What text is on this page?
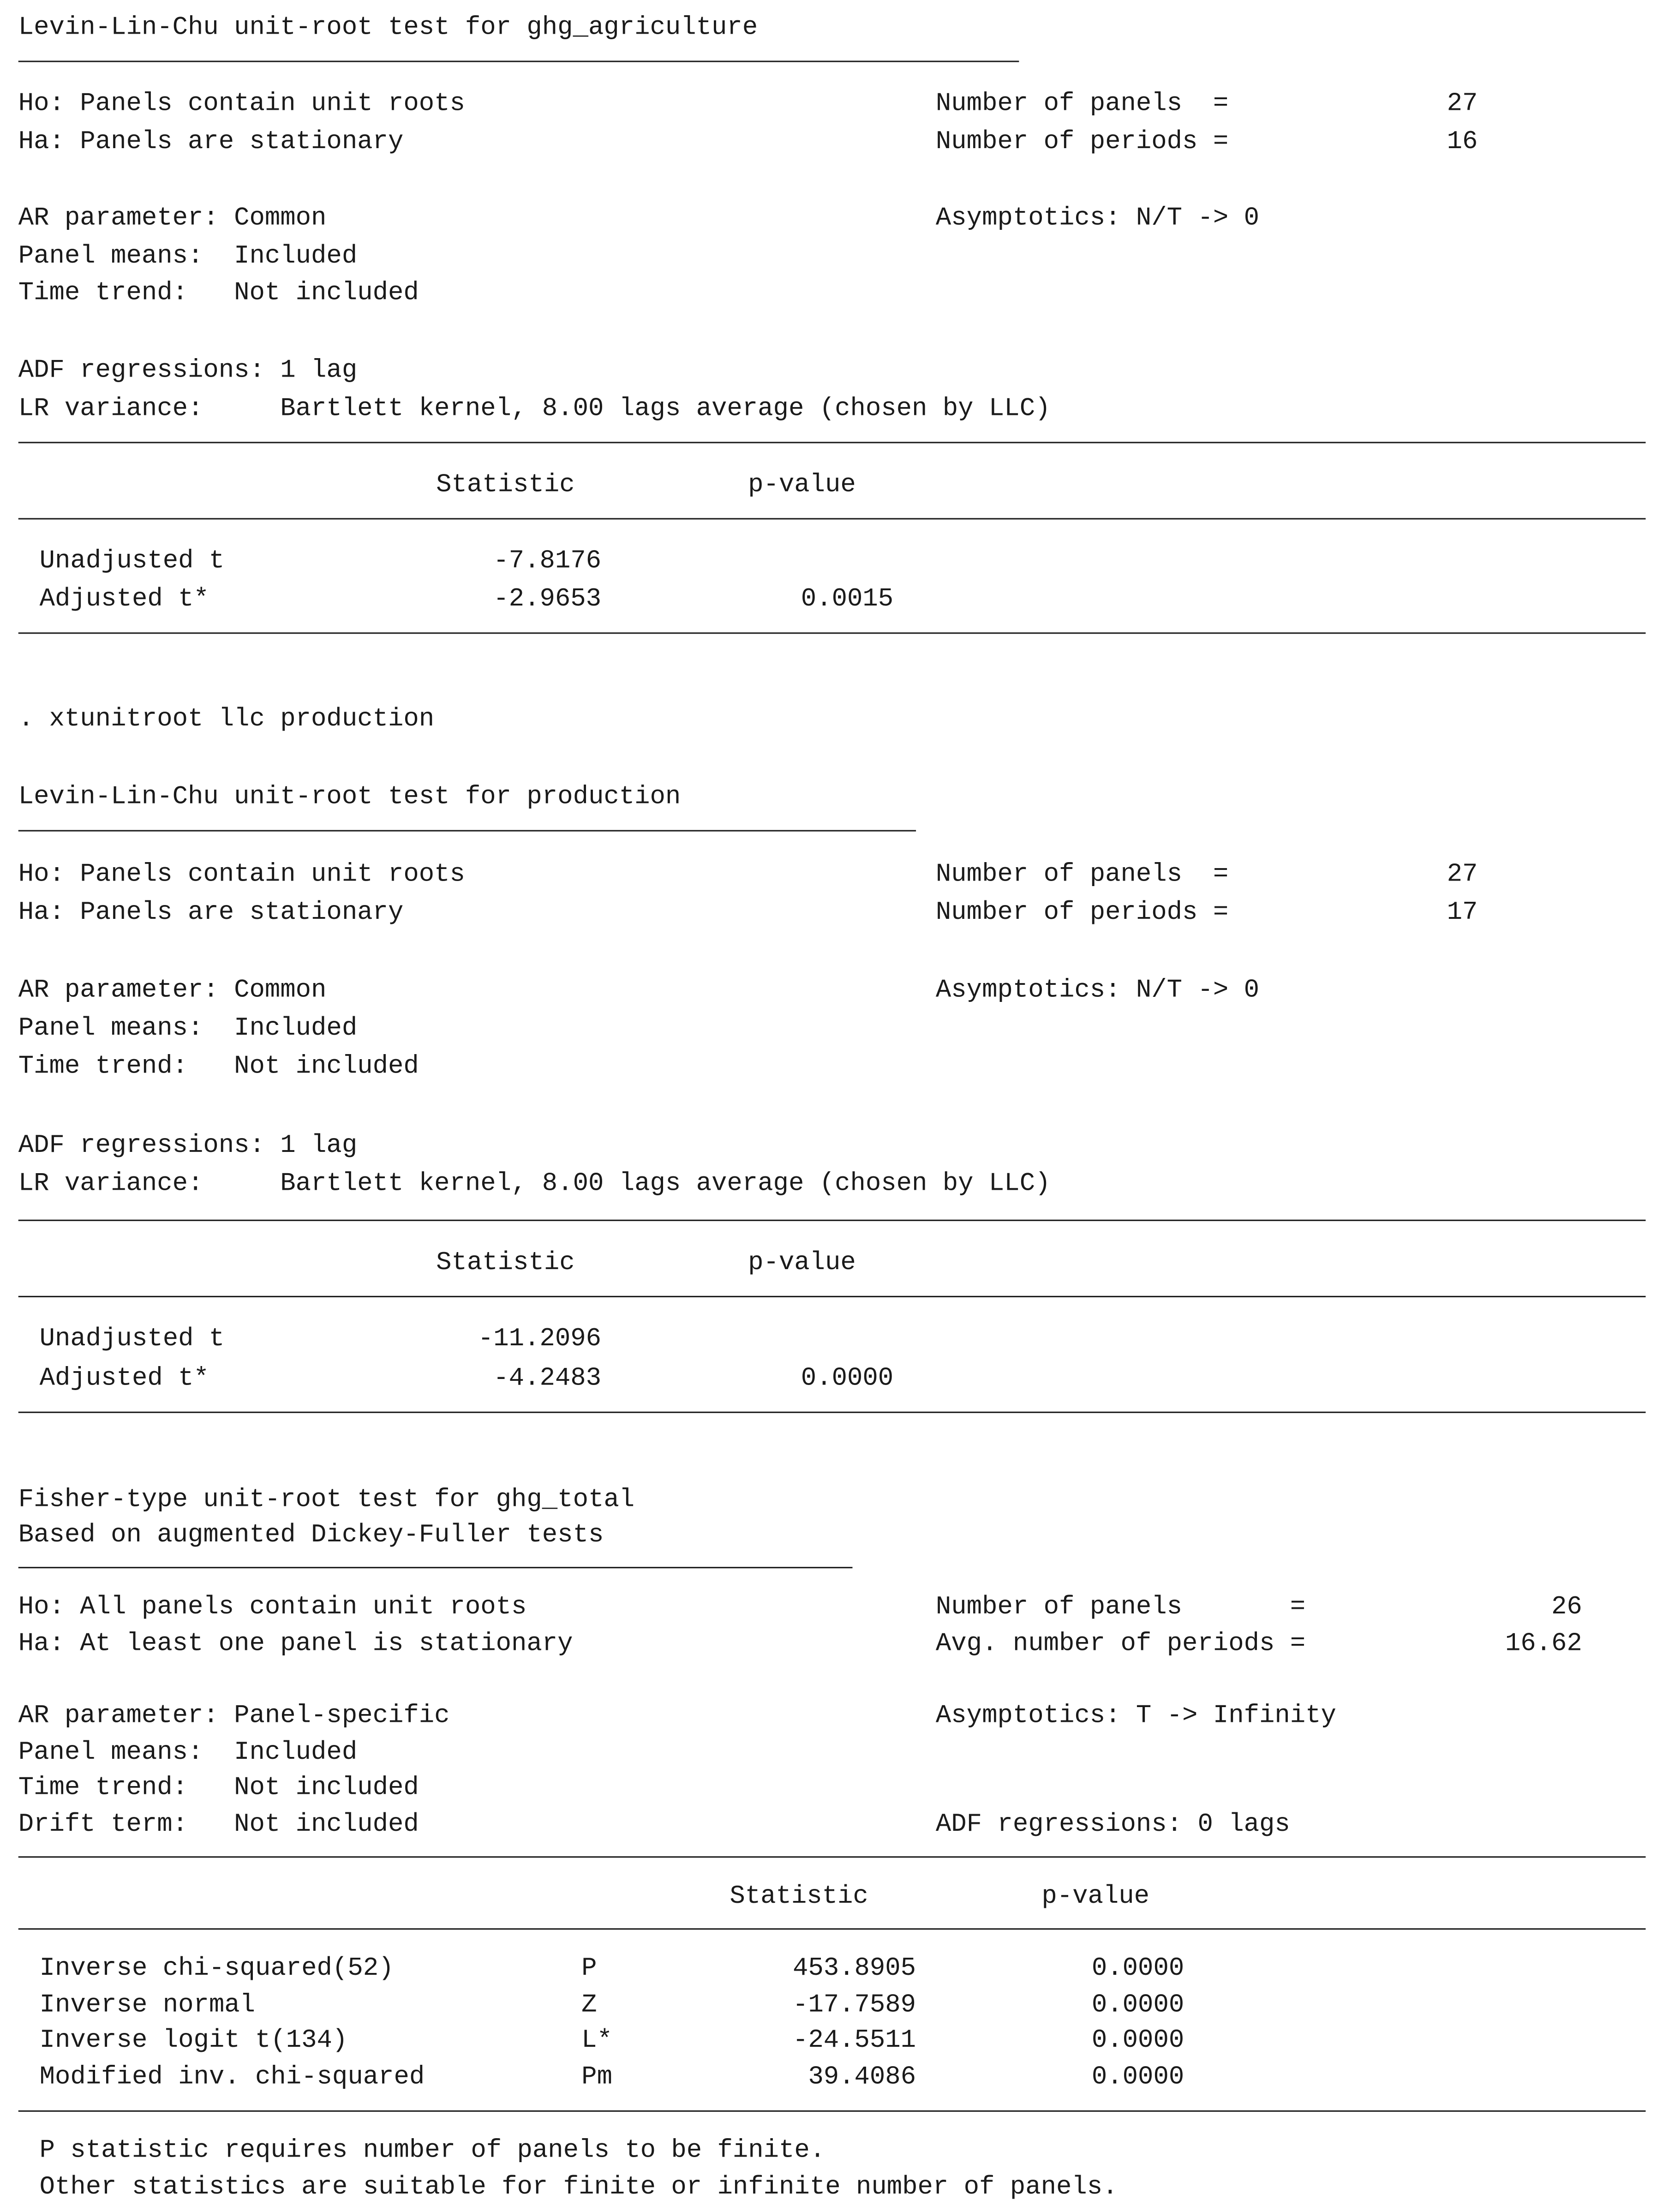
Levin-Lin-Chu unit-root test for ghg_agriculture
Ho: Panels contain unit roots	Number of panels  =	27
Ha: Panels are stationary	Number of periods =	16
AR parameter: Common	Asymptotics: N/T -> 0
Panel means:  Included
Time trend:   Not included
ADF regressions: 1 lag
LR variance:     Bartlett kernel, 8.00 lags average (chosen by LLC)
Statistic	p-value
Unadjusted t	-7.8176
Adjusted t*	-2.9653	0.0015
. xtunitroot llc production
Levin-Lin-Chu unit-root test for production
Ho: Panels contain unit roots	Number of panels  =	27
Ha: Panels are stationary	Number of periods =	17
AR parameter: Common	Asymptotics: N/T -> 0
Panel means:  Included
Time trend:   Not included
ADF regressions: 1 lag
LR variance:     Bartlett kernel, 8.00 lags average (chosen by LLC)
Statistic	p-value
Unadjusted t	-11.2096
Adjusted t*	-4.2483	0.0000
Fisher-type unit-root test for ghg_total
Based on augmented Dickey-Fuller tests
Ho: All panels contain unit roots	Number of panels       =	26
Ha: At least one panel is stationary	Avg. number of periods =	16.62
AR parameter: Panel-specific	Asymptotics: T -> Infinity
Panel means:  Included
Time trend:   Not included
Drift term:   Not included	ADF regressions: 0 lags
Statistic	p-value
Inverse chi-squared(52)	P	453.8905	0.0000
Inverse normal	Z	-17.7589	0.0000
Inverse logit t(134)	L*	-24.5511	0.0000
Modified inv. chi-squared	Pm	39.4086	0.0000
P statistic requires number of panels to be finite.
Other statistics are suitable for finite or infinite number of panels.
